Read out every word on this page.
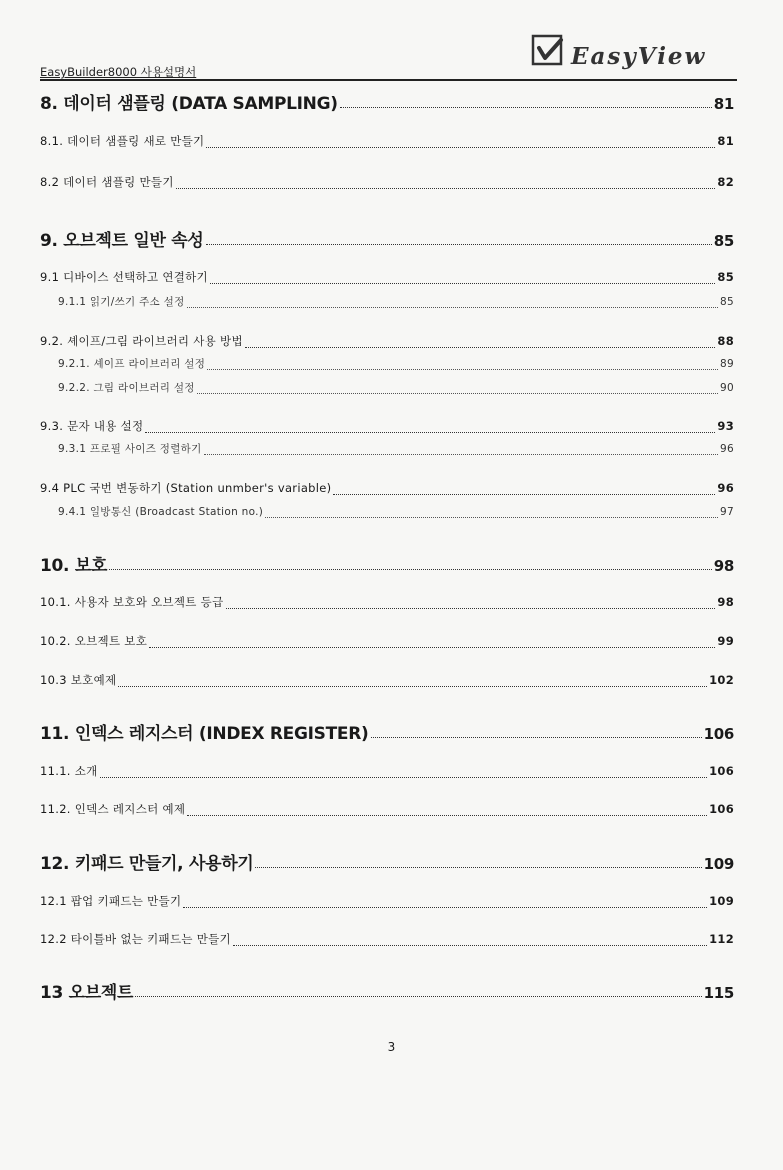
EasyBuilder8000 사용설명서
EasyView
8. 데이터 샘플링 (DATA SAMPLING)	81
8.1. 데이터 샘플링 새로 만들기	81
8.2 데이터 샘플링 만들기	82
9. 오브젝트 일반 속성	85
9.1 디바이스 선택하고 연결하기	85
9.1.1 읽기/쓰기 주소 설정	85
9.2. 셰이프/그림 라이브러리 사용 방법	88
9.2.1. 셰이프 라이브러리 설정	89
9.2.2. 그림 라이브러리 설정	90
9.3. 문자 내용 설정	93
9.3.1 프로필 사이즈 정렬하기	96
9.4 PLC 국번 변동하기 (Station unmber's variable)	96
9.4.1 일방통신 (Broadcast Station no.)	97
10. 보호	98
10.1. 사용자 보호와 오브젝트 등급	98
10.2. 오브젝트 보호	99
10.3 보호예제	102
11. 인덱스 레지스터 (INDEX REGISTER)	106
11.1. 소개	106
11.2. 인덱스 레지스터 예제	106
12. 키패드 만들기, 사용하기	109
12.1 팝업 키패드는 만들기	109
12.2 타이틀바 없는 키패드는 만들기	112
13 오브젝트	115
3
